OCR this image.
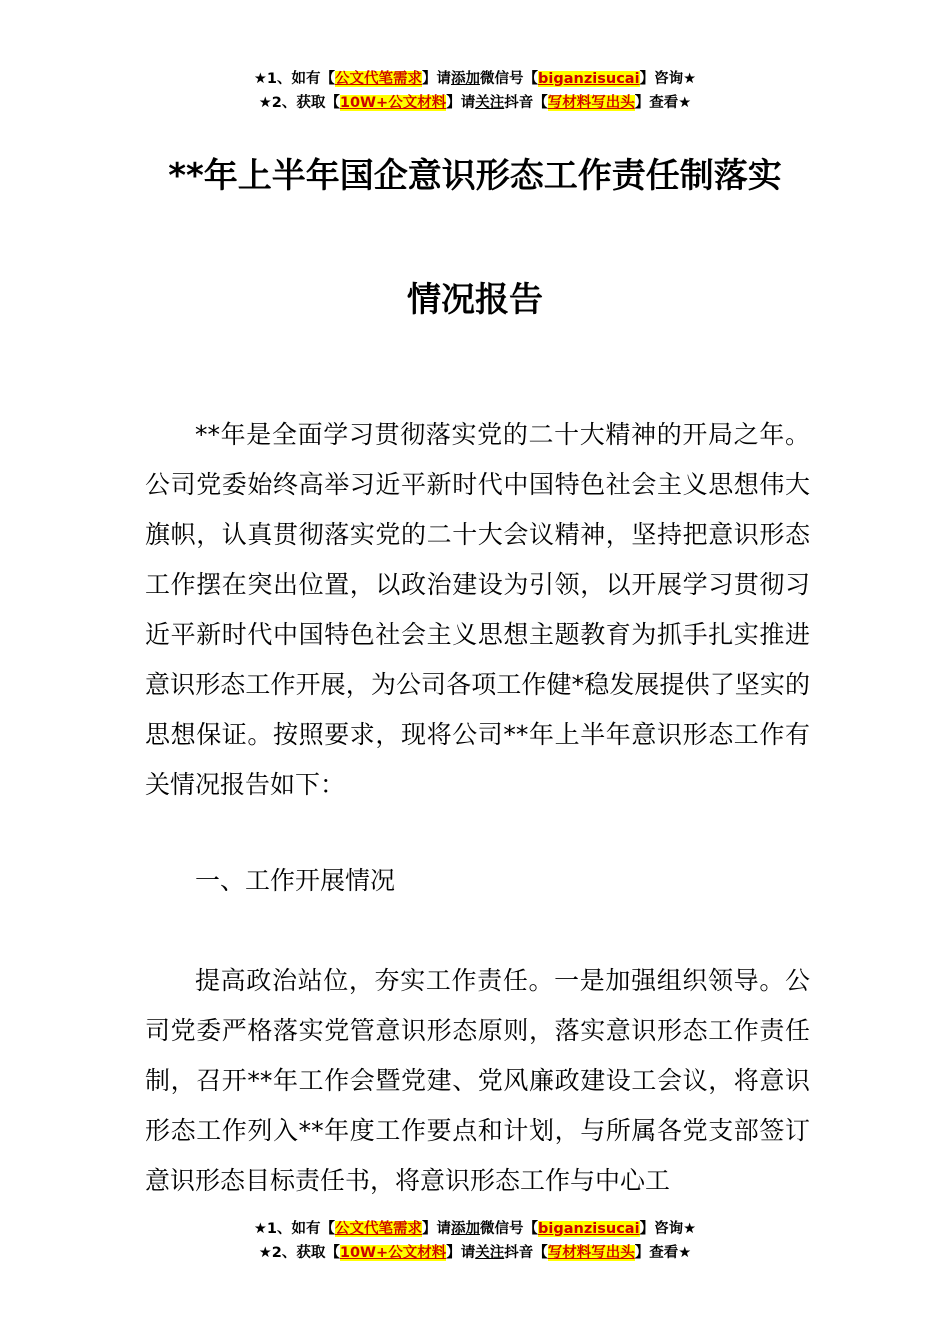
★1、如有【公文代笔需求】请添加微信号【biganzisucai】咨询★
★2、获取【10W+公文材料】请关注抖音【写材料写出头】查看★
**年上半年国企意识形态工作责任制落实
情况报告

**年是全面学习贯彻落实党的二十大精神的开局之年。公司党委始终高举习近平新时代中国特色社会主义思想伟大旗帜，认真贯彻落实党的二十大会议精神，坚持把意识形态工作摆在突出位置，以政治建设为引领，以开展学习贯彻习近平新时代中国特色社会主义思想主题教育为抓手扎实推进意识形态工作开展，为公司各项工作健*稳发展提供了坚实的思想保证。按照要求，现将公司**年上半年意识形态工作有关情况报告如下：

一、工作开展情况

提高政治站位，夯实工作责任。一是加强组织领导。公司党委严格落实党管意识形态原则，落实意识形态工作责任制，召开**年工作会暨党建、党风廉政建设工会议，将意识形态工作列入**年度工作要点和计划，与所属各党支部签订意识形态目标责任书，将意识形态工作与中心工

★1、如有【公文代笔需求】请添加微信号【biganzisucai】咨询★
★2、获取【10W+公文材料】请关注抖音【写材料写出头】查看★
